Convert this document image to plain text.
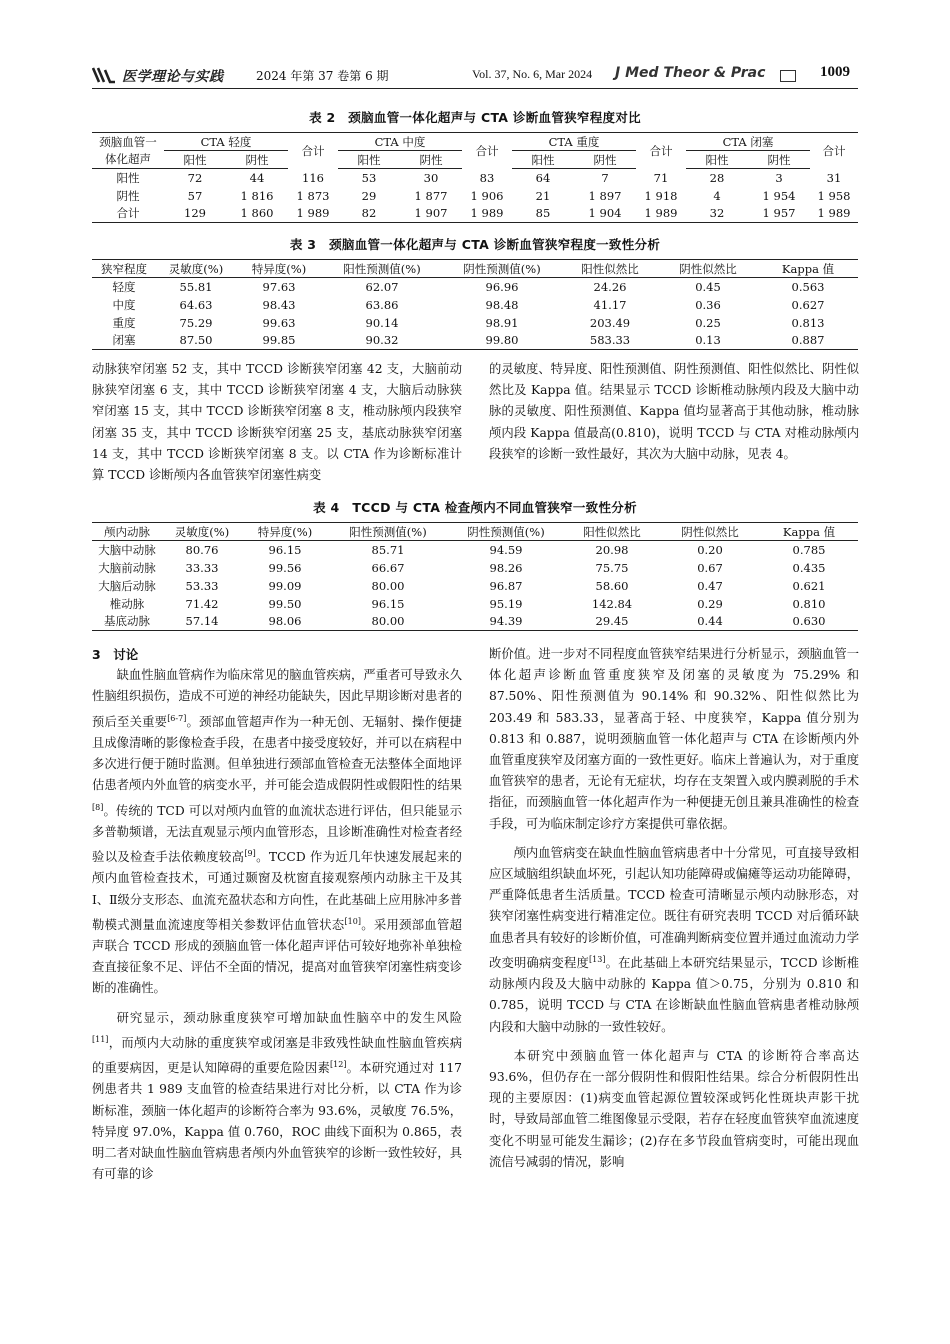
医学理论与实践	2024 年第 37 卷第 6 期	Vol. 37, No. 6, Mar 2024 J Med Theor & Prac	1009
表 2　颈脑血管一体化超声与 CTA 诊断血管狭窄程度对比
颈脑血管一	CTA 轻度		合计	CTA 中度		合计	CTA 重度		合计	CTA 闭塞		合计
体化超声	阳性	阴性		阳性	阴性		阳性	阴性		阳性	阴性	
阳性	72	44	116	53	30	83	64	7	71	28	3	31
阴性	57	1 816	1 873	29	1 877	1 906	21	1 897	1 918	4	1 954	1 958
合计	129	1 860	1 989	82	1 907	1 989	85	1 904	1 989	32	1 957	1 989
表 3　颈脑血管一体化超声与 CTA 诊断血管狭窄程度一致性分析
狭窄程度	灵敏度(%)	特异度(%)	阳性预测值(%)	阴性预测值(%)	阳性似然比	阴性似然比	Kappa 值
轻度	55.81	97.63	62.07	96.96	24.26	0.45	0.563
中度	64.63	98.43	63.86	98.48	41.17	0.36	0.627
重度	75.29	99.63	90.14	98.91	203.49	0.25	0.813
闭塞	87.50	99.85	90.32	99.80	583.33	0.13	0.887

动脉狭窄闭塞 52 支，其中 TCCD 诊断狭窄闭塞 42 支，大脑前动脉狭窄闭塞 6 支，其中 TCCD 诊断狭窄闭塞 4 支，大脑后动脉狭窄闭塞 15 支，其中 TCCD 诊断狭窄闭塞 8 支，椎动脉颅内段狭窄闭塞 35 支，其中 TCCD 诊断狭窄闭塞 25 支，基底动脉狭窄闭塞 14 支，其中 TCCD 诊断狭窄闭塞 8 支。以 CTA 作为诊断标准计算 TCCD 诊断颅内各血管狭窄闭塞性病变

的灵敏度、特异度、阳性预测值、阴性预测值、阳性似然比、阴性似然比及 Kappa 值。结果显示 TCCD 诊断椎动脉颅内段及大脑中动脉的灵敏度、阳性预测值、Kappa 值均显著高于其他动脉，椎动脉颅内段 Kappa 值最高(0.810)，说明 TCCD 与 CTA 对椎动脉颅内段狭窄的诊断一致性最好，其次为大脑中动脉，见表 4。

表 4　TCCD 与 CTA 检查颅内不同血管狭窄一致性分析
颅内动脉	灵敏度(%)	特异度(%)	阳性预测值(%)	阴性预测值(%)	阳性似然比	阴性似然比	Kappa 值
大脑中动脉	80.76	96.15	85.71	94.59	20.98	0.20	0.785
大脑前动脉	33.33	99.56	66.67	98.26	75.75	0.67	0.435
大脑后动脉	53.33	99.09	80.00	96.87	58.60	0.47	0.621
椎动脉	71.42	99.50	96.15	95.19	142.84	0.29	0.810
基底动脉	57.14	98.06	80.00	94.39	29.45	0.44	0.630
3　讨论

缺血性脑血管病作为临床常见的脑血管疾病，严重者可导致永久性脑组织损伤，造成不可逆的神经功能缺失，因此早期诊断对患者的预后至关重要[6-7]。颈部血管超声作为一种无创、无辐射、操作便捷且成像清晰的影像检查手段，在患者中接受度较好，并可以在病程中多次进行便于随时监测。但单独进行颈部血管检查无法整体全面地评估患者颅内外血管的病变水平，并可能会造成假阴性或假阳性的结果[8]。传统的 TCD 可以对颅内血管的血流状态进行评估，但只能显示多普勒频谱，无法直观显示颅内血管形态，且诊断准确性对检查者经验以及检查手法依赖度较高[9]。TCCD 作为近几年快速发展起来的颅内血管检查技术，可通过颞窗及枕窗直接观察颅内动脉主干及其Ⅰ、Ⅱ级分支形态、血流充盈状态和方向性，在此基础上应用脉冲多普勒模式测量血流速度等相关参数评估血管状态[10]。采用颈部血管超声联合 TCCD 形成的颈脑血管一体化超声评估可较好地弥补单独检查直接征象不足、评估不全面的情况，提高对血管狭窄闭塞性病变诊断的准确性。

研究显示，颈动脉重度狭窄可增加缺血性脑卒中的发生风险[11]，而颅内大动脉的重度狭窄或闭塞是非致残性缺血性脑血管疾病的重要病因，更是认知障碍的重要危险因素[12]。本研究通过对 117 例患者共 1 989 支血管的检查结果进行对比分析，以 CTA 作为诊断标准，颈脑一体化超声的诊断符合率为 93.6%，灵敏度 76.5%，特异度 97.0%，Kappa 值 0.760，ROC 曲线下面积为 0.865，表明二者对缺血性脑血管病患者颅内外血管狭窄的诊断一致性较好，具有可靠的诊

断价值。进一步对不同程度血管狭窄结果进行分析显示，颈脑血管一体化超声诊断血管重度狭窄及闭塞的灵敏度为 75.29% 和 87.50%、阳性预测值为 90.14% 和 90.32%、阳性似然比为 203.49 和 583.33，显著高于轻、中度狭窄，Kappa 值分别为 0.813 和 0.887，说明颈脑血管一体化超声与 CTA 在诊断颅内外血管重度狭窄及闭塞方面的一致性更好。临床上普遍认为，对于重度血管狭窄的患者，无论有无症状，均存在支架置入或内膜剥脱的手术指征，而颈脑血管一体化超声作为一种便捷无创且兼具准确性的检查手段，可为临床制定诊疗方案提供可靠依据。

颅内血管病变在缺血性脑血管病患者中十分常见，可直接导致相应区域脑组织缺血坏死，引起认知功能障碍或偏瘫等运动功能障碍，严重降低患者生活质量。TCCD 检查可清晰显示颅内动脉形态，对狭窄闭塞性病变进行精准定位。既往有研究表明 TCCD 对后循环缺血患者具有较好的诊断价值，可准确判断病变位置并通过血流动力学改变明确病变程度[13]。在此基础上本研究结果显示，TCCD 诊断椎动脉颅内段及大脑中动脉的 Kappa 值＞0.75，分别为 0.810 和 0.785，说明 TCCD 与 CTA 在诊断缺血性脑血管病患者椎动脉颅内段和大脑中动脉的一致性较好。

本研究中颈脑血管一体化超声与 CTA 的诊断符合率高达 93.6%，但仍存在一部分假阴性和假阳性结果。综合分析假阴性出现的主要原因：(1)病变血管起源位置较深或钙化性斑块声影干扰时，导致局部血管二维图像显示受限，若存在轻度血管狭窄血流速度变化不明显可能发生漏诊；(2)存在多节段血管病变时，可能出现血流信号减弱的情况，影响
